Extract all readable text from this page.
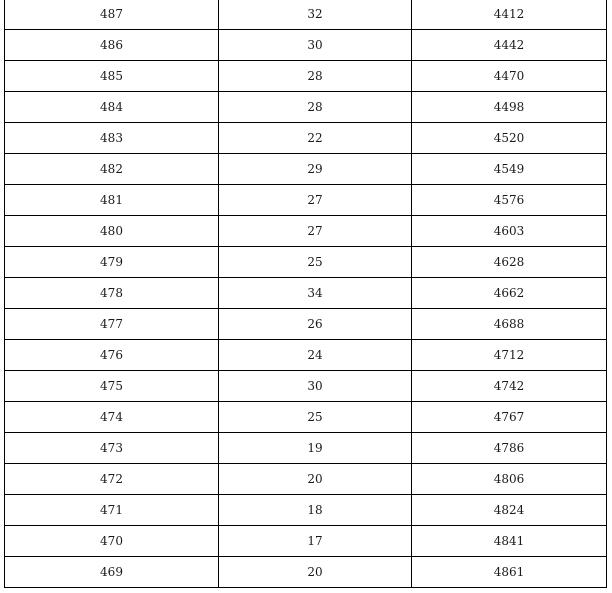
487	32	4412
486	30	4442
485	28	4470
484	28	4498
483	22	4520
482	29	4549
481	27	4576
480	27	4603
479	25	4628
478	34	4662
477	26	4688
476	24	4712
475	30	4742
474	25	4767
473	19	4786
472	20	4806
471	18	4824
470	17	4841
469	20	4861
